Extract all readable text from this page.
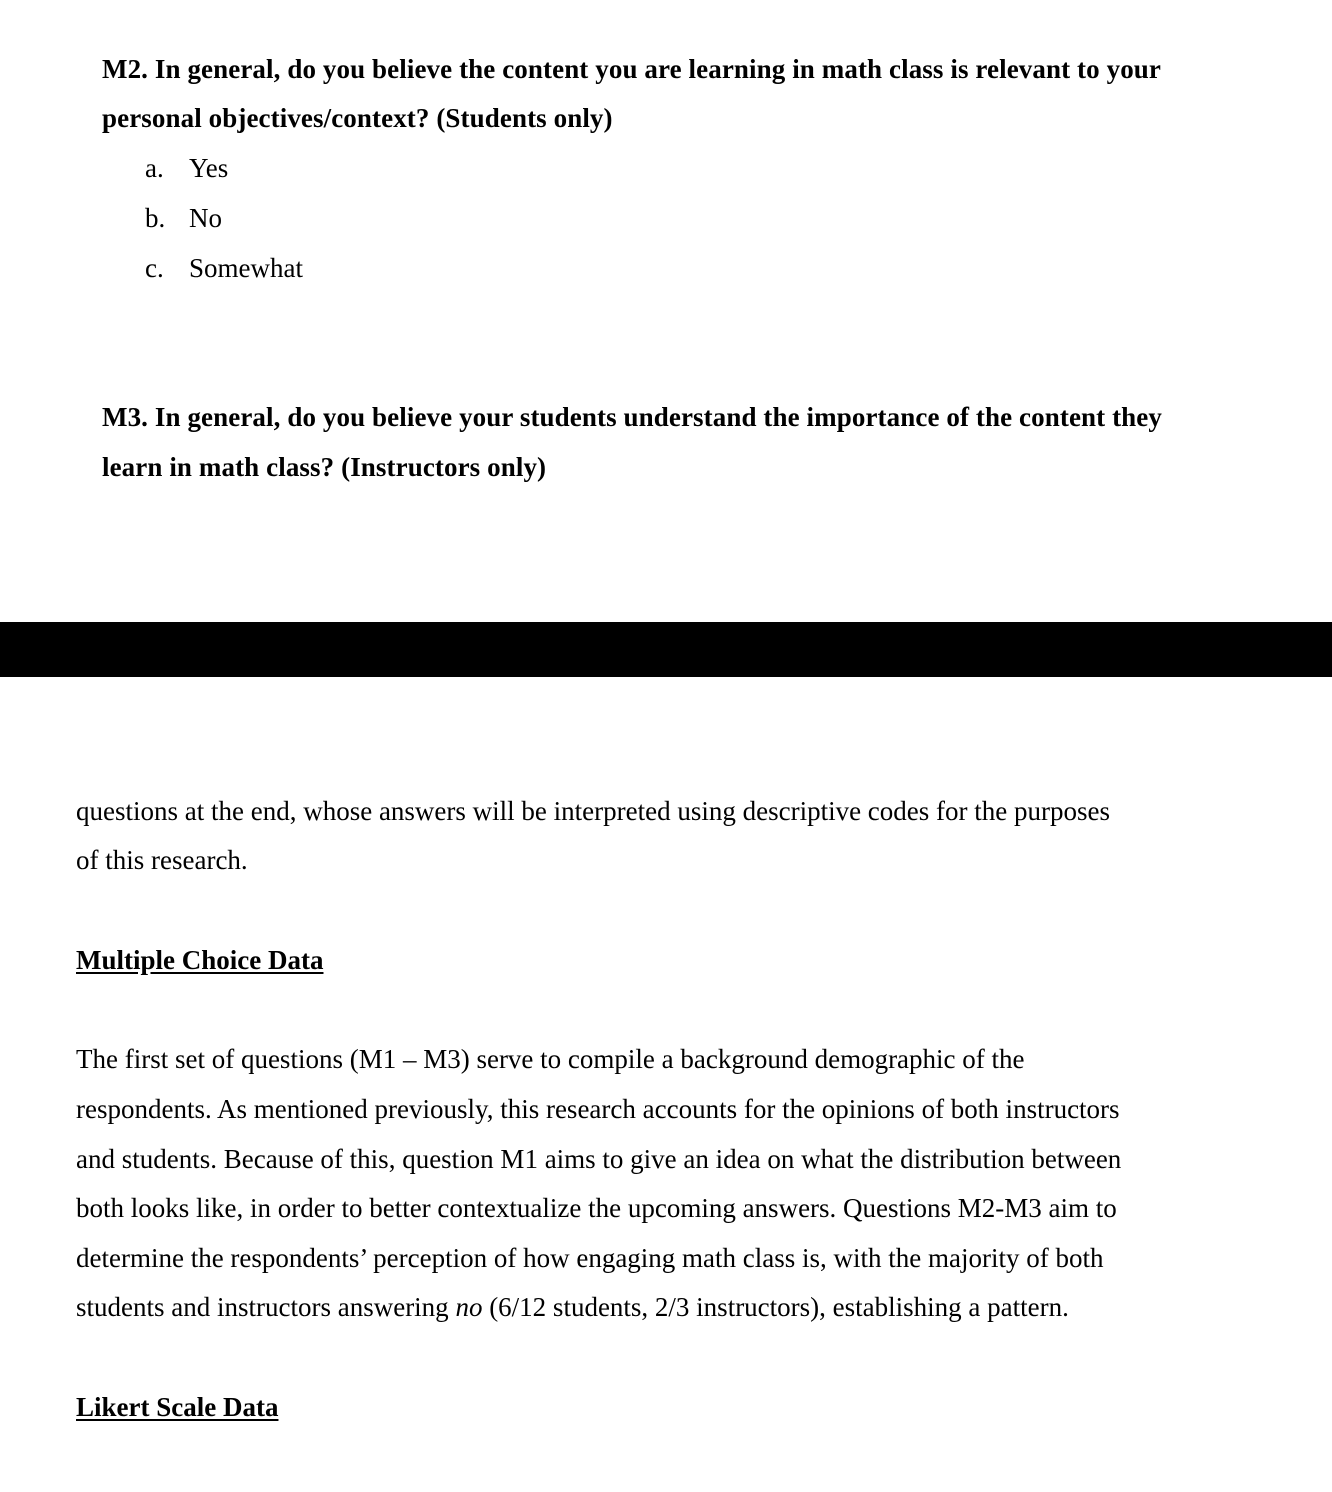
M2. In general, do you believe the content you are learning in math class is relevant to your
personal objectives/context? (Students only)
a. Yes
b. No
c. Somewhat
M3. In general, do you believe your students understand the importance of the content they
learn in math class? (Instructors only)
questions at the end, whose answers will be interpreted using descriptive codes for the purposes
of this research.
Multiple Choice Data
The first set of questions (M1 – M3) serve to compile a background demographic of the
respondents. As mentioned previously, this research accounts for the opinions of both instructors
and students. Because of this, question M1 aims to give an idea on what the distribution between
both looks like, in order to better contextualize the upcoming answers. Questions M2-M3 aim to
determine the respondents’ perception of how engaging math class is, with the majority of both
students and instructors answering no (6/12 students, 2/3 instructors), establishing a pattern.
Likert Scale Data
